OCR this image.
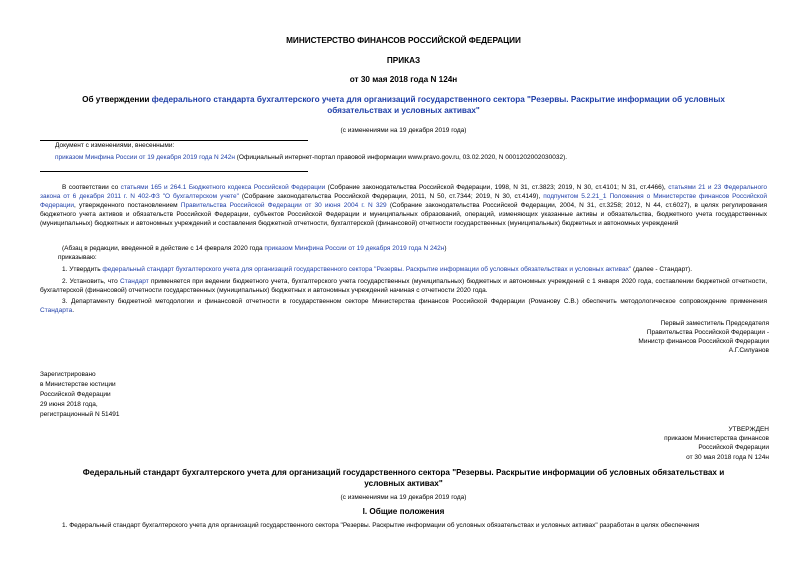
МИНИСТЕРСТВО ФИНАНСОВ РОССИЙСКОЙ ФЕДЕРАЦИИ
ПРИКАЗ
от 30 мая 2018 года N 124н
Об утверждении федерального стандарта бухгалтерского учета для организаций государственного сектора "Резервы. Раскрытие информации об условных обязательствах и условных активах"
(с изменениями на 19 декабря 2019 года)
Документ с изменениями, внесенными:
приказом Минфина России от 19 декабря 2019 года N 242н (Официальный интернет-портал правовой информации www.pravo.gov.ru, 03.02.2020, N 0001202002030032).
В соответствии со статьями 165 и 264.1 Бюджетного кодекса Российской Федерации (Собрание законодательства Российской Федерации, 1998, N 31, ст.3823; 2019, N 30, ст.4101; N 31, ст.4466), статьями 21 и 23 Федерального закона от 6 декабря 2011 г. N 402-ФЗ "О бухгалтерском учете" (Собрание законодательства Российской Федерации, 2011, N 50, ст.7344; 2019, N 30, ст.4149), подпунктом 5.2.21_1 Положения о Министерстве финансов Российской Федерации, утвержденного постановлением Правительства Российской Федерации от 30 июня 2004 г. N 329 (Собрание законодательства Российской Федерации, 2004, N 31, ст.3258; 2012, N 44, ст.6027), в целях регулирования бюджетного учета активов и обязательств Российской Федерации, субъектов Российской Федерации и муниципальных образований, операций, изменяющих указанные активы и обязательства, бюджетного учета государственных (муниципальных) бюджетных и автономных учреждений и составления бюджетной отчетности, бухгалтерской (финансовой) отчетности государственных (муниципальных) бюджетных и автономных учреждений
(Абзац в редакции, введенной в действие с 14 февраля 2020 года приказом Минфина России от 19 декабря 2019 года N 242н)
приказываю:
1. Утвердить федеральный стандарт бухгалтерского учета для организаций государственного сектора "Резервы. Раскрытие информации об условных обязательствах и условных активах" (далее - Стандарт).
2. Установить, что Стандарт применяется при ведении бюджетного учета, бухгалтерского учета государственных (муниципальных) бюджетных и автономных учреждений с 1 января 2020 года, составлении бюджетной отчетности, бухгалтерской (финансовой) отчетности государственных (муниципальных) бюджетных и автономных учреждений начиная с отчетности 2020 года.
3. Департаменту бюджетной методологии и финансовой отчетности в государственном секторе Министерства финансов Российской Федерации (Романову С.В.) обеспечить методологическое сопровождение применения Стандарта.
Первый заместитель Председателя
Правительства Российской Федерации -
Министр финансов Российской Федерации
А.Г.Силуанов
Зарегистрировано
в Министерстве юстиции
Российской Федерации
29 июня 2018 года,
регистрационный N 51491
УТВЕРЖДЕН
приказом Министерства финансов
Российской Федерации
от 30 мая 2018 года N 124н
Федеральный стандарт бухгалтерского учета для организаций государственного сектора "Резервы. Раскрытие информации об условных обязательствах и условных активах"
(с изменениями на 19 декабря 2019 года)
I. Общие положения
1. Федеральный стандарт бухгалтерского учета для организаций государственного сектора "Резервы. Раскрытие информации об условных обязательствах и условных активах" разработан в целях обеспечения
